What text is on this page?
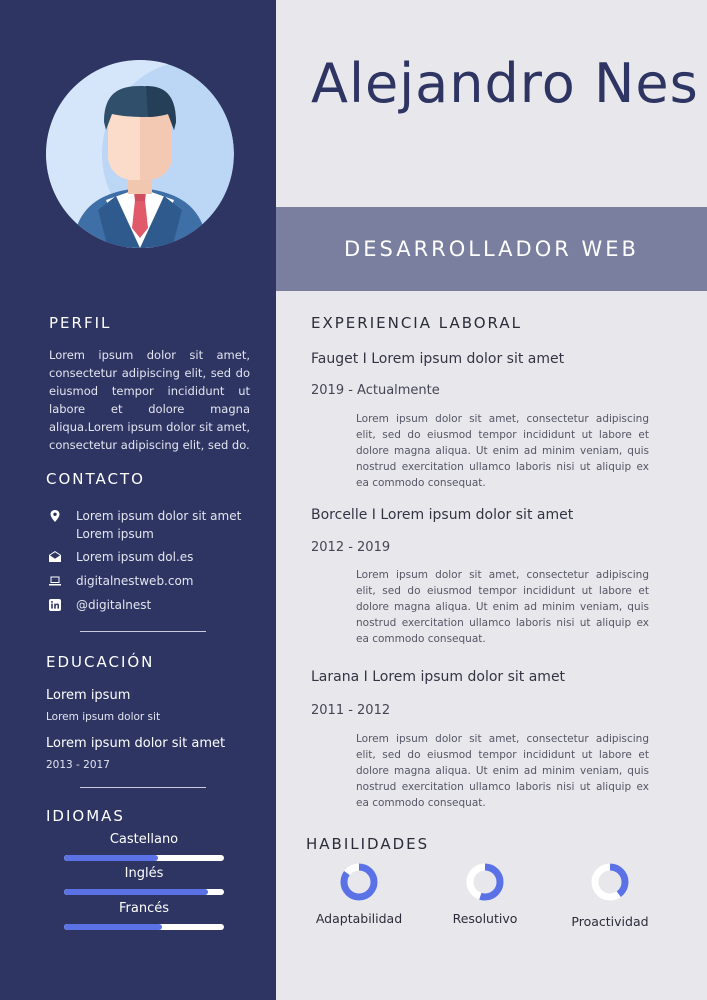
PERFIL
Lorem ipsum dolor sit amet, consectetur adipiscing elit, sed do eiusmod tempor incididunt ut labore et dolore magna aliqua.Lorem ipsum dolor sit amet, consectetur adipiscing elit, sed do.
CONTACTO
Lorem ipsum dolor sit amet
Lorem ipsum
Lorem ipsum dol.es
digitalnestweb.com
@digitalnest
EDUCACIÓN
Lorem ipsum
Lorem ipsum dolor sit
Lorem ipsum dolor sit amet
2013 - 2017
IDIOMAS
Castellano
Inglés
Francés
Alejandro Nes
DESARROLLADOR WEB
EXPERIENCIA LABORAL
Fauget I Lorem ipsum dolor sit amet
2019 - Actualmente
Lorem ipsum dolor sit amet, consectetur adipiscing elit, sed do eiusmod tempor incididunt ut labore et dolore magna aliqua. Ut enim ad minim veniam, quis nostrud exercitation ullamco laboris nisi ut aliquip ex ea commodo consequat.
Borcelle I Lorem ipsum dolor sit amet
2012 - 2019
Lorem ipsum dolor sit amet, consectetur adipiscing elit, sed do eiusmod tempor incididunt ut labore et dolore magna aliqua. Ut enim ad minim veniam, quis nostrud exercitation ullamco laboris nisi ut aliquip ex ea commodo consequat.
Larana I Lorem ipsum dolor sit amet
2011 - 2012
Lorem ipsum dolor sit amet, consectetur adipiscing elit, sed do eiusmod tempor incididunt ut labore et dolore magna aliqua. Ut enim ad minim veniam, quis nostrud exercitation ullamco laboris nisi ut aliquip ex ea commodo consequat.
HABILIDADES
Adaptabilidad	Resolutivo	Proactividad
